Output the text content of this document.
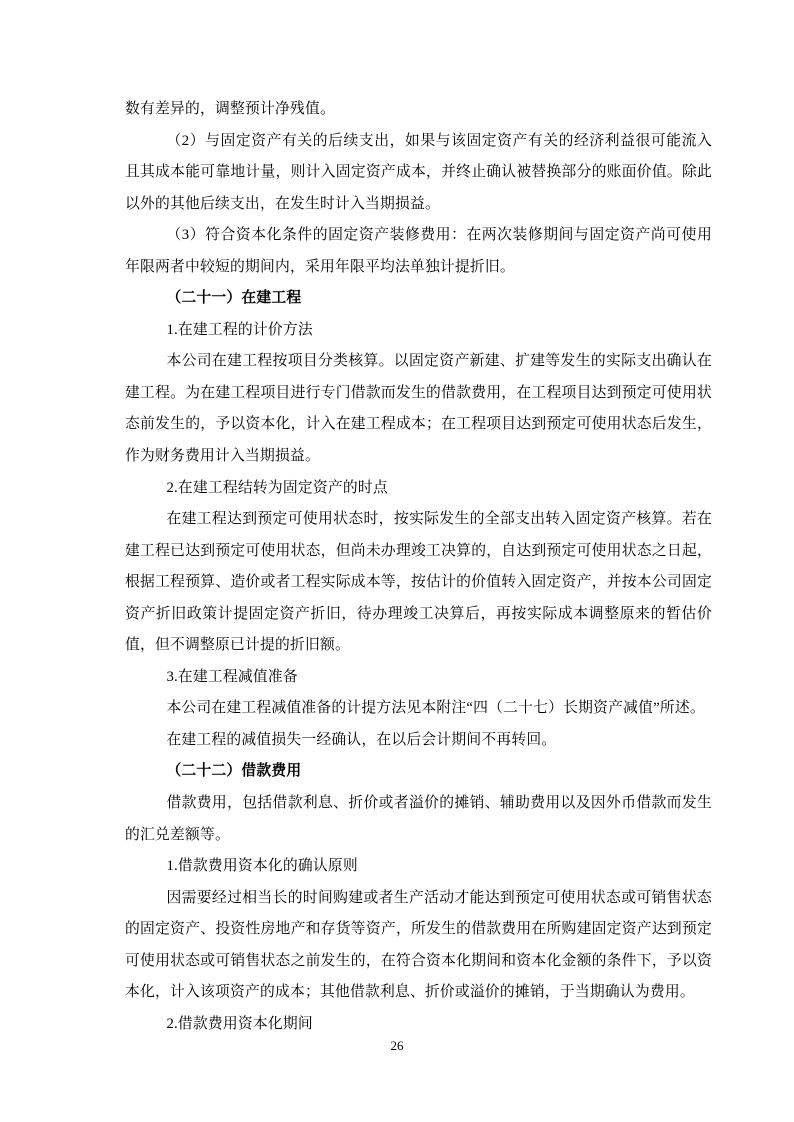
数有差异的，调整预计净残值。

（2）与固定资产有关的后续支出，如果与该固定资产有关的经济利益很可能流入且其成本能可靠地计量，则计入固定资产成本，并终止确认被替换部分的账面价值。除此以外的其他后续支出，在发生时计入当期损益。

（3）符合资本化条件的固定资产装修费用：在两次装修期间与固定资产尚可使用年限两者中较短的期间内，采用年限平均法单独计提折旧。

（二十一）在建工程

1.在建工程的计价方法

本公司在建工程按项目分类核算。以固定资产新建、扩建等发生的实际支出确认在建工程。为在建工程项目进行专门借款而发生的借款费用，在工程项目达到预定可使用状态前发生的，予以资本化，计入在建工程成本；在工程项目达到预定可使用状态后发生，作为财务费用计入当期损益。

2.在建工程结转为固定资产的时点

在建工程达到预定可使用状态时，按实际发生的全部支出转入固定资产核算。若在建工程已达到预定可使用状态，但尚未办理竣工决算的，自达到预定可使用状态之日起，根据工程预算、造价或者工程实际成本等，按估计的价值转入固定资产，并按本公司固定资产折旧政策计提固定资产折旧，待办理竣工决算后，再按实际成本调整原来的暂估价值，但不调整原已计提的折旧额。

3.在建工程减值准备

本公司在建工程减值准备的计提方法见本附注“四（二十七）长期资产减值”所述。

在建工程的减值损失一经确认，在以后会计期间不再转回。

（二十二）借款费用

借款费用，包括借款利息、折价或者溢价的摊销、辅助费用以及因外币借款而发生的汇兑差额等。

1.借款费用资本化的确认原则

因需要经过相当长的时间购建或者生产活动才能达到预定可使用状态或可销售状态的固定资产、投资性房地产和存货等资产，所发生的借款费用在所购建固定资产达到预定可使用状态或可销售状态之前发生的，在符合资本化期间和资本化金额的条件下，予以资本化，计入该项资产的成本；其他借款利息、折价或溢价的摊销，于当期确认为费用。

2.借款费用资本化期间

26
